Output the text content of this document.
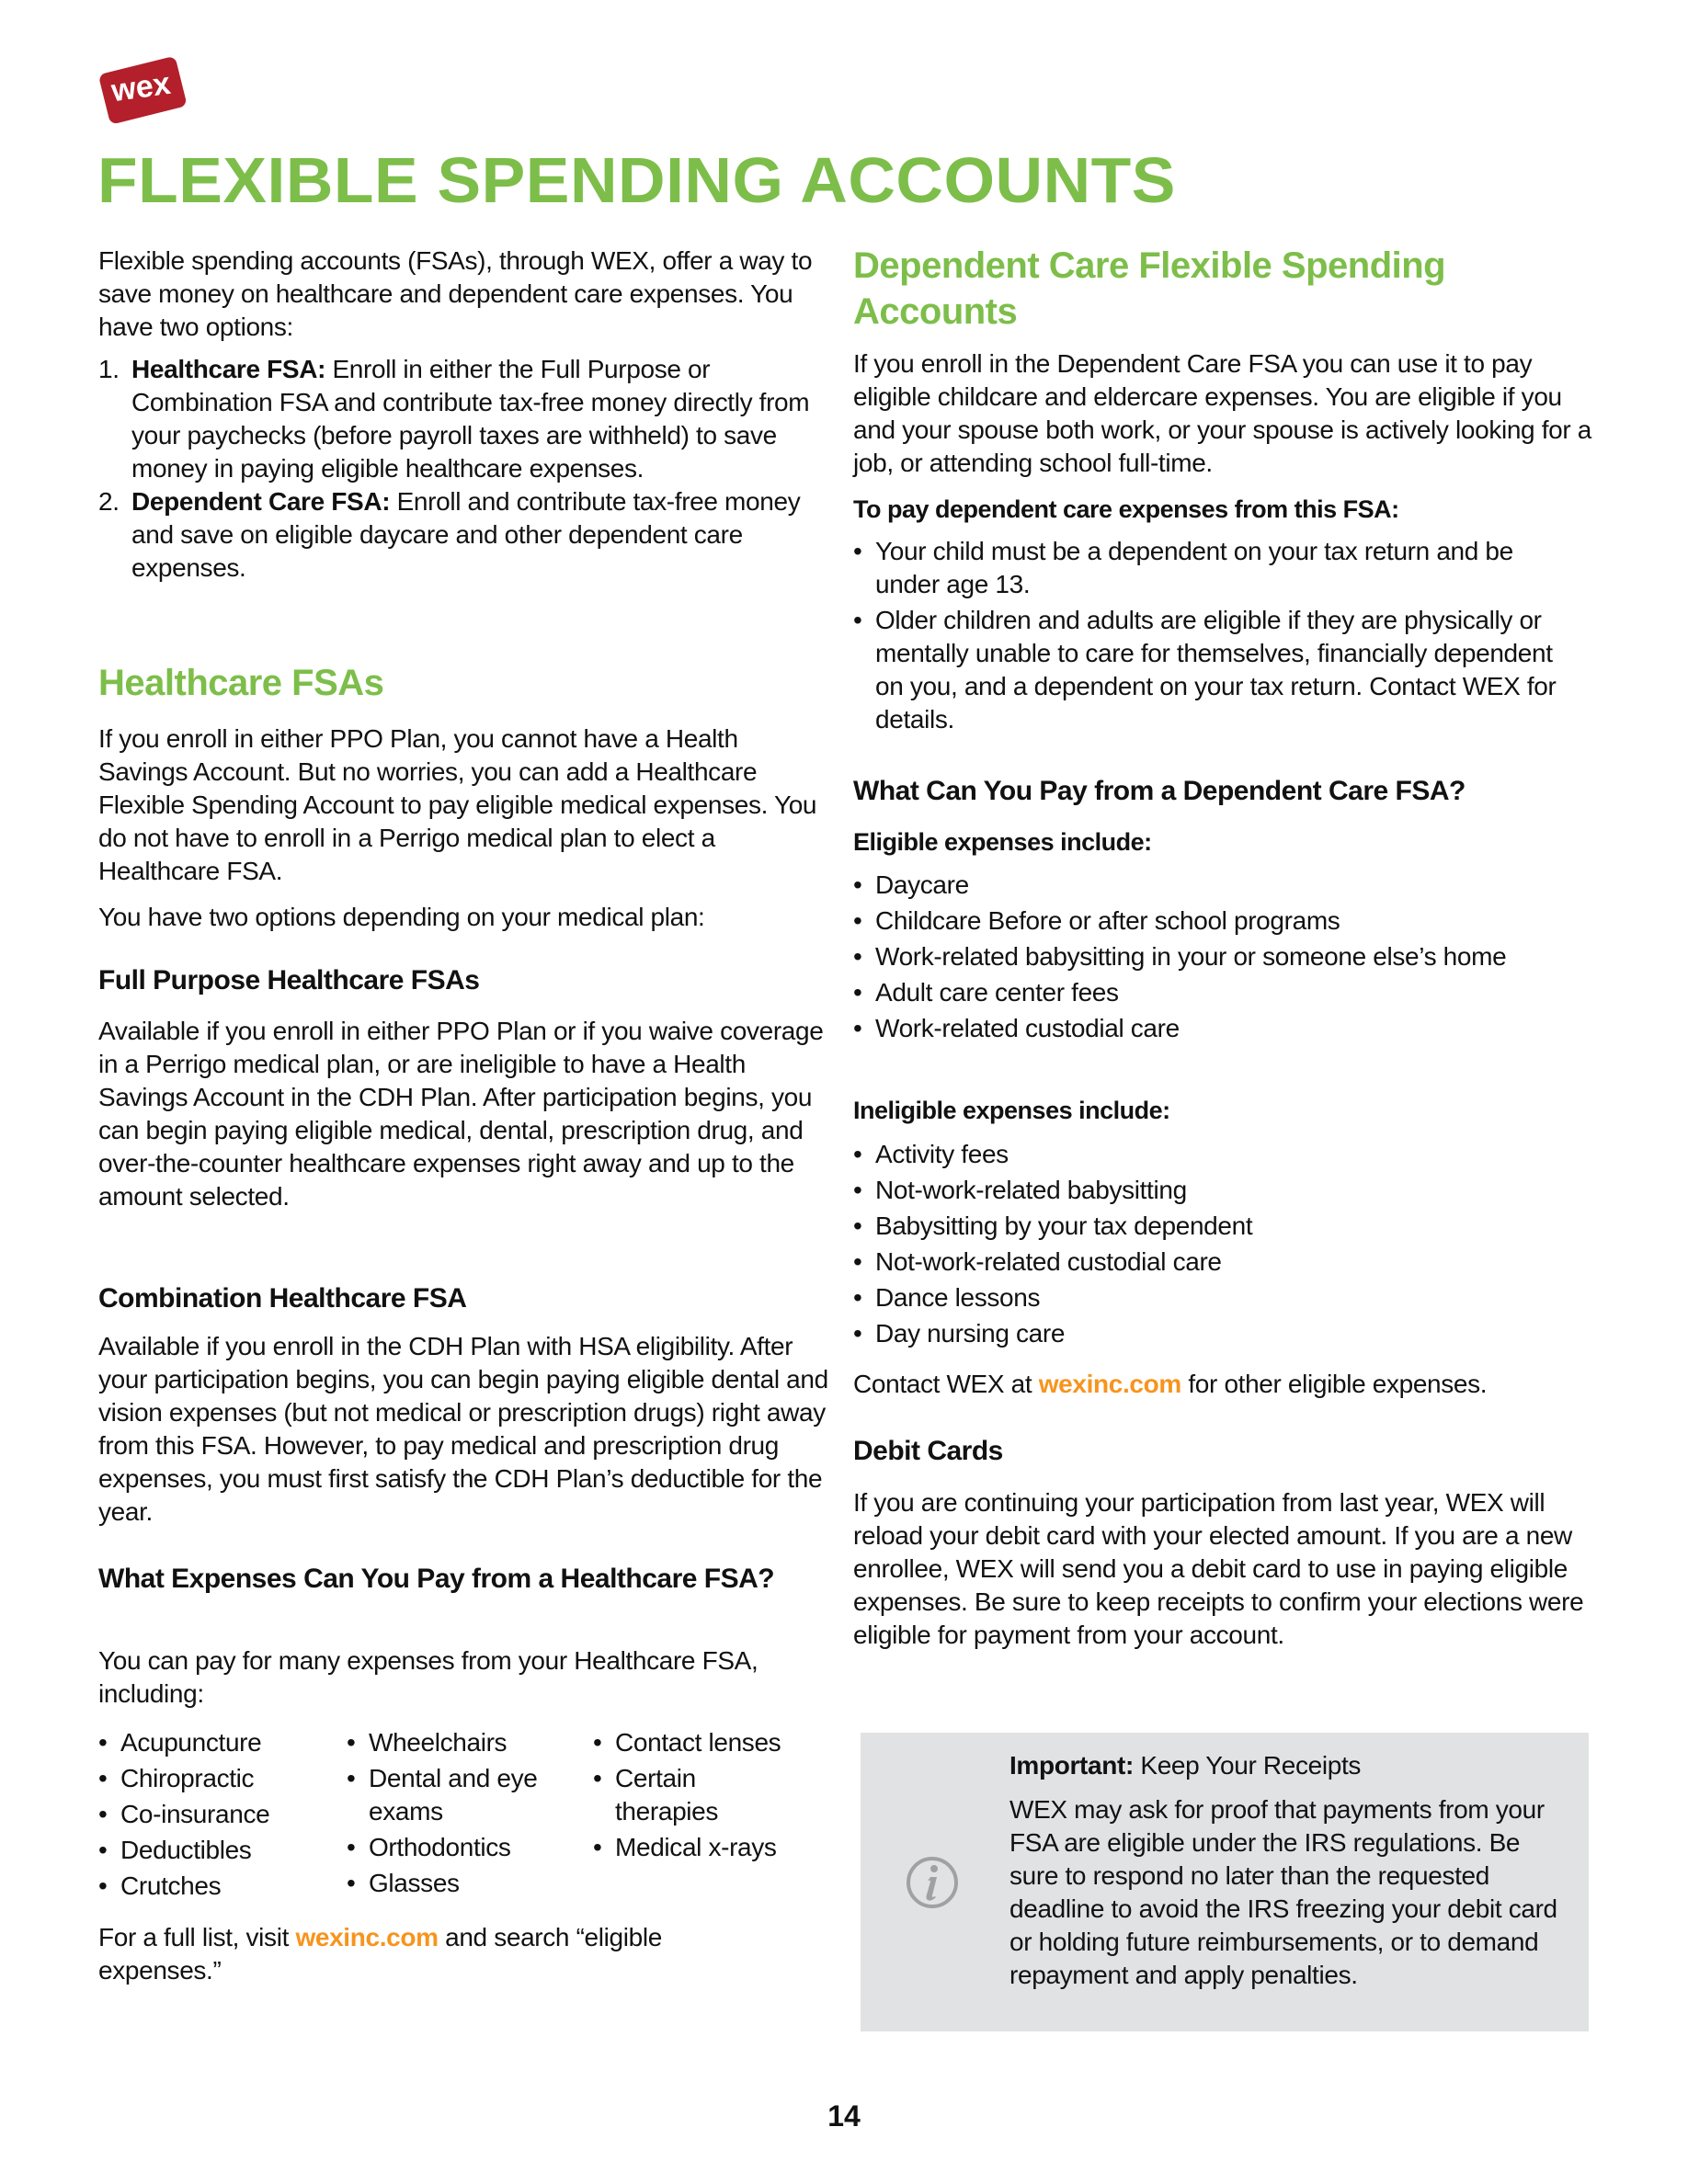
wex
FLEXIBLE SPENDING ACCOUNTS

Flexible spending accounts (FSAs), through WEX, offer a way to save money on healthcare and dependent care expenses. You have two options:

1. Healthcare FSA: Enroll in either the Full Purpose or Combination FSA and contribute tax-free money directly from your paychecks (before payroll taxes are withheld) to save money in paying eligible healthcare expenses.
2. Dependent Care FSA: Enroll and contribute tax-free money and save on eligible daycare and other dependent care expenses.
Healthcare FSAs

If you enroll in either PPO Plan, you cannot have a Health Savings Account. But no worries, you can add a Healthcare Flexible Spending Account to pay eligible medical expenses. You do not have to enroll in a Perrigo medical plan to elect a Healthcare FSA.

You have two options depending on your medical plan:

Full Purpose Healthcare FSAs
Available if you enroll in either PPO Plan or if you waive coverage in a Perrigo medical plan, or are ineligible to have a Health Savings Account in the CDH Plan. After participation begins, you can begin paying eligible medical, dental, prescription drug, and over-the-counter healthcare expenses right away and up to the amount selected.
Combination Healthcare FSA
Available if you enroll in the CDH Plan with HSA eligibility. After your participation begins, you can begin paying eligible dental and vision expenses (but not medical or prescription drugs) right away from this FSA. However, to pay medical and prescription drug expenses, you must first satisfy the CDH Plan’s deductible for the year.
What Expenses Can You Pay from a Healthcare FSA?
You can pay for many expenses from your Healthcare FSA, including:
• Acupuncture
• Chiropractic
• Co-insurance
• Deductibles
• Crutches
• Wheelchairs
• Dental and eye exams
• Orthodontics
• Glasses
• Contact lenses
• Certain therapies
• Medical x-rays
For a full list, visit wexinc.com and search “eligible expenses.”
Dependent Care Flexible Spending Accounts
If you enroll in the Dependent Care FSA you can use it to pay eligible childcare and eldercare expenses. You are eligible if you and your spouse both work, or your spouse is actively looking for a job, or attending school full-time.
To pay dependent care expenses from this FSA:
• Your child must be a dependent on your tax return and be under age 13.
• Older children and adults are eligible if they are physically or mentally unable to care for themselves, financially dependent on you, and a dependent on your tax return. Contact WEX for details.
What Can You Pay from a Dependent Care FSA?
Eligible expenses include:
• Daycare
• Childcare Before or after school programs
• Work-related babysitting in your or someone else’s home
• Adult care center fees
• Work-related custodial care
Ineligible expenses include:
• Activity fees
• Not-work-related babysitting
• Babysitting by your tax dependent
• Not-work-related custodial care
• Dance lessons
• Day nursing care
Contact WEX at wexinc.com for other eligible expenses.
Debit Cards
If you are continuing your participation from last year, WEX will reload your debit card with your elected amount. If you are a new enrollee, WEX will send you a debit card to use in paying eligible expenses. Be sure to keep receipts to confirm your elections were eligible for payment from your account.

Important: Keep Your Receipts

WEX may ask for proof that payments from your FSA are eligible under the IRS regulations. Be sure to respond no later than the requested deadline to avoid the IRS freezing your debit card or holding future reimbursements, or to demand repayment and apply penalties.

14
